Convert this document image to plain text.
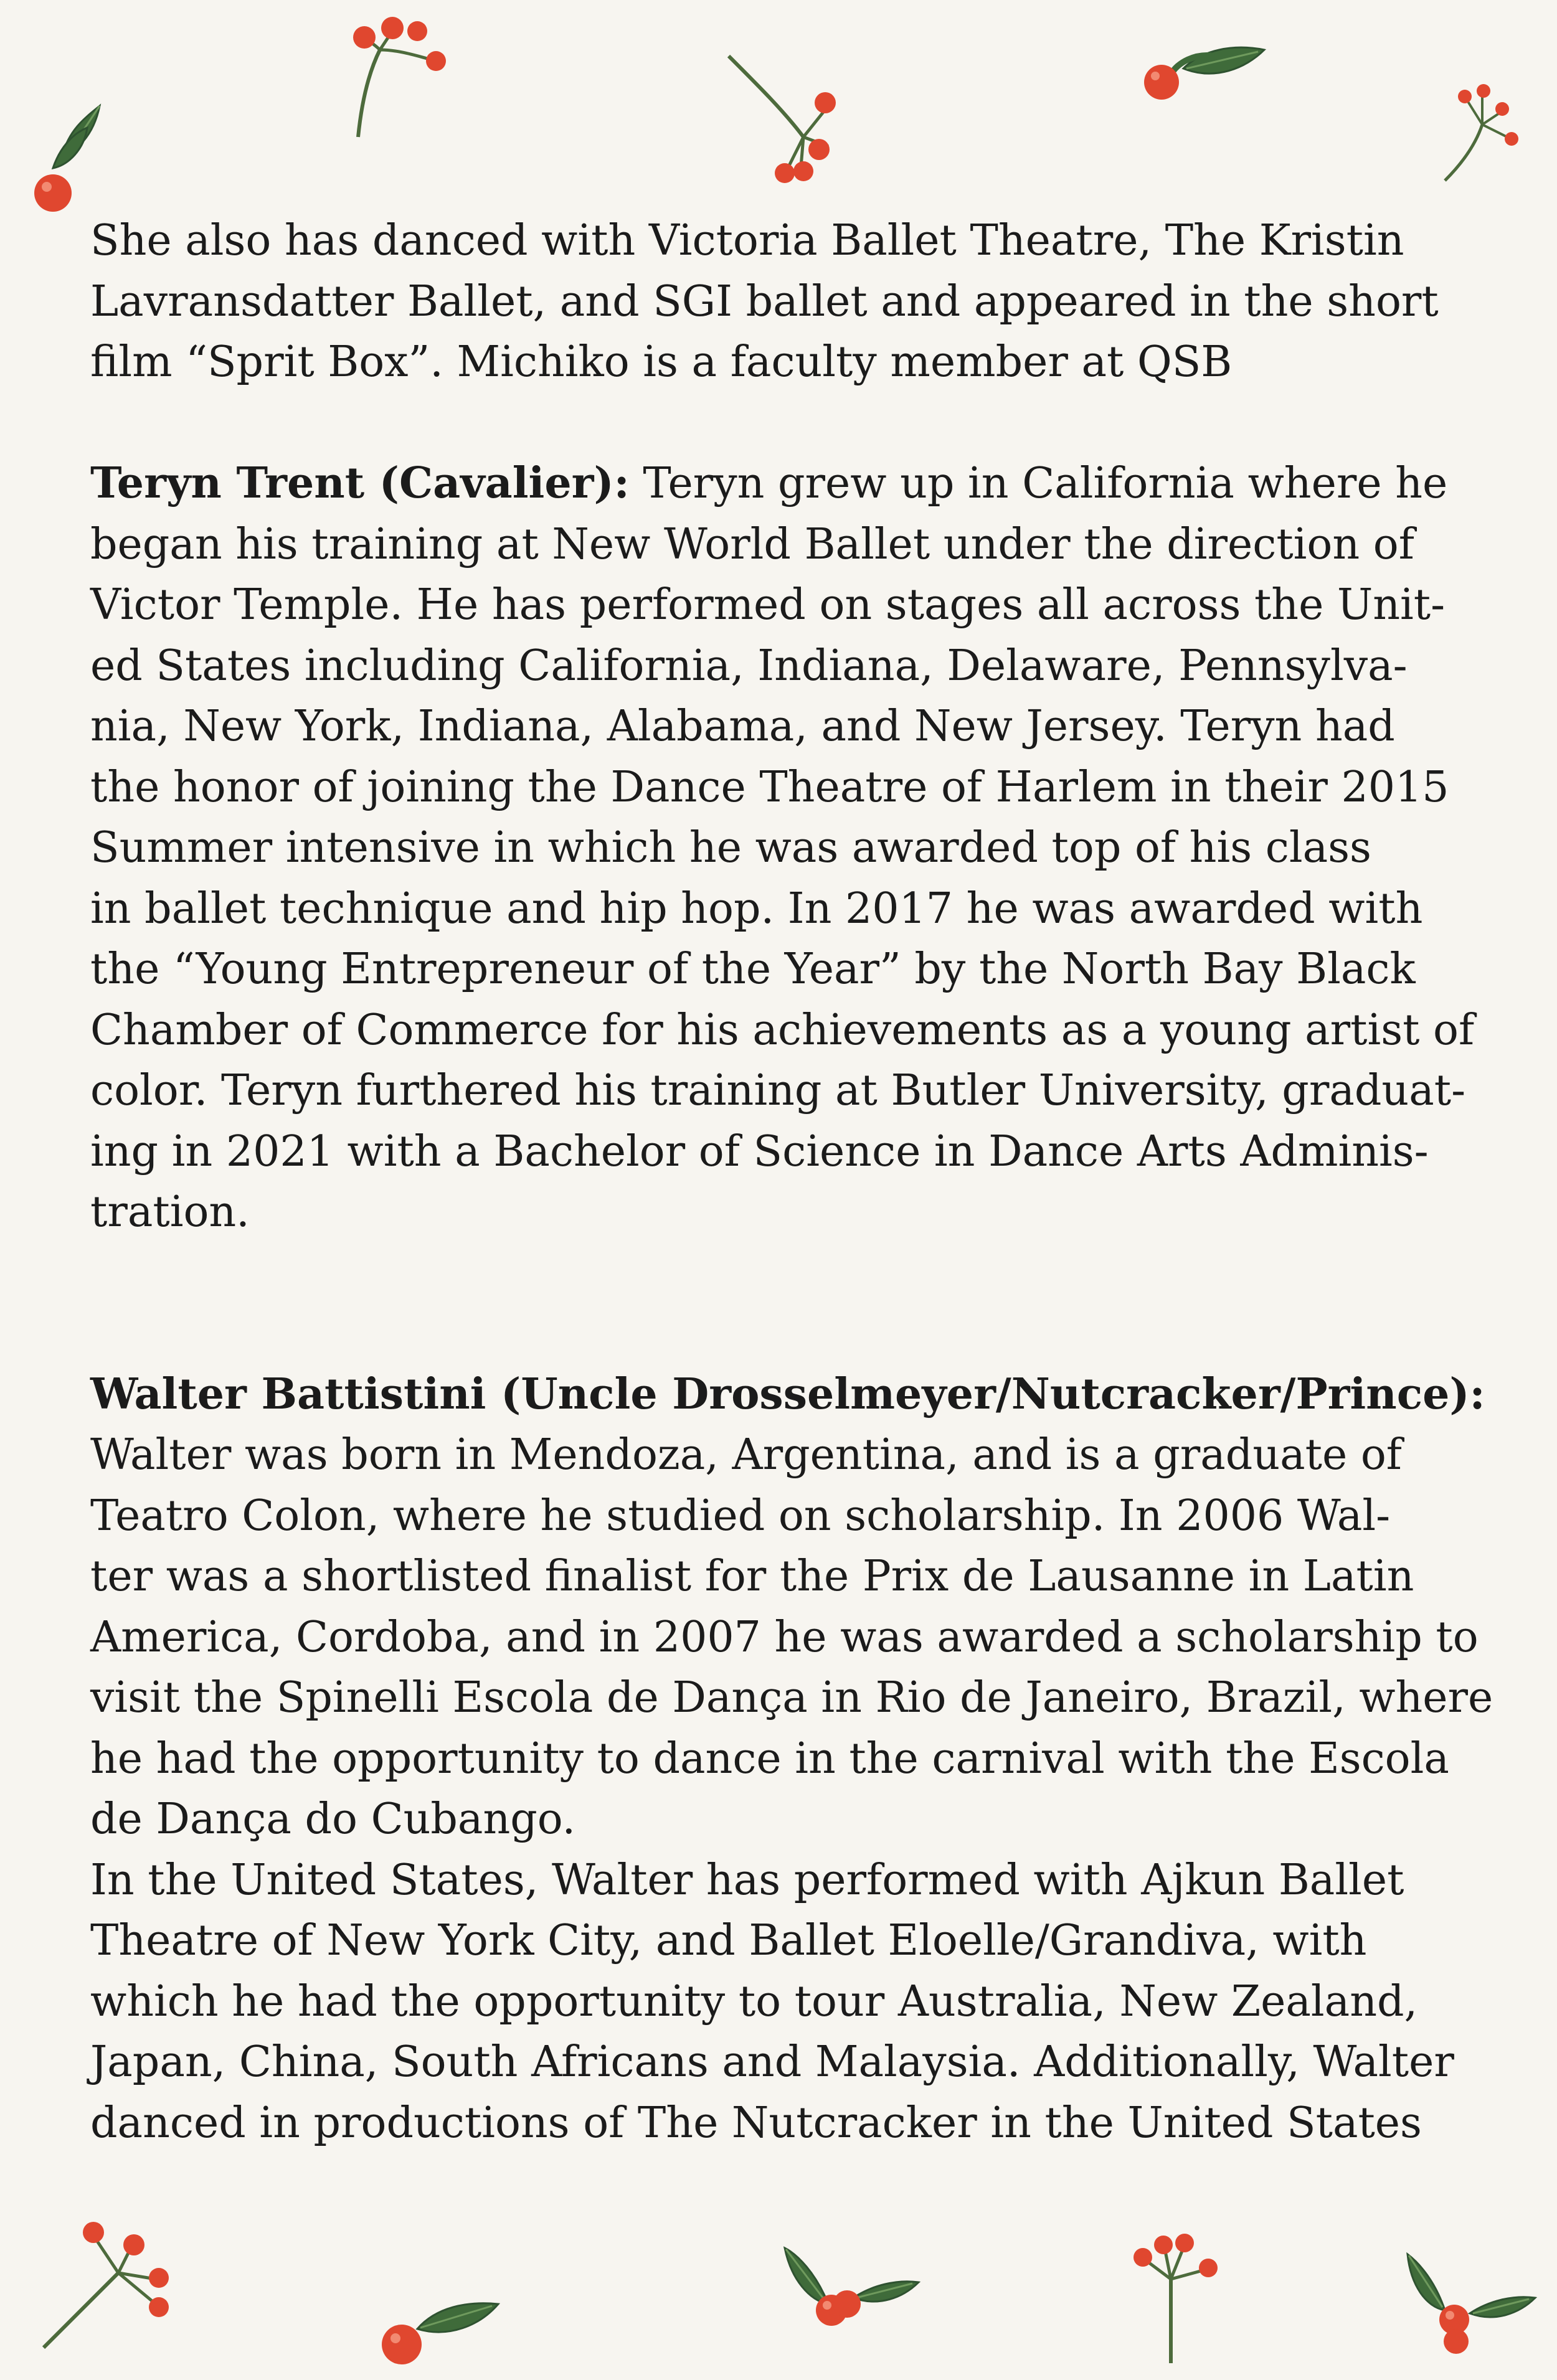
She also has danced with Victoria Ballet Theatre, The Kristin
Lavransdatter Ballet, and SGI ballet and appeared in the short
film “Sprit Box”. Michiko is a faculty member at QSB
Teryn Trent (Cavalier): Teryn grew up in California where he
began his training at New World Ballet under the direction of
Victor Temple. He has performed on stages all across the Unit-
ed States including California, Indiana, Delaware, Pennsylva-
nia, New York, Indiana, Alabama, and New Jersey. Teryn had
the honor of joining the Dance Theatre of Harlem in their 2015
Summer intensive in which he was awarded top of his class
in ballet technique and hip hop. In 2017 he was awarded with
the “Young Entrepreneur of the Year” by the North Bay Black
Chamber of Commerce for his achievements as a young artist of
color. Teryn furthered his training at Butler University, graduat-
ing in 2021 with a Bachelor of Science in Dance Arts Adminis-
tration.
Walter Battistini (Uncle Drosselmeyer/Nutcracker/Prince):
Walter was born in Mendoza, Argentina, and is a graduate of
Teatro Colon, where he studied on scholarship. In 2006 Wal-
ter was a shortlisted finalist for the Prix de Lausanne in Latin
America, Cordoba, and in 2007 he was awarded a scholarship to
visit the Spinelli Escola de Dança in Rio de Janeiro, Brazil, where
he had the opportunity to dance in the carnival with the Escola
de Dança do Cubango.
In the United States, Walter has performed with Ajkun Ballet
Theatre of New York City, and Ballet Eloelle/Grandiva, with
which he had the opportunity to tour Australia, New Zealand,
Japan, China, South Africans and Malaysia. Additionally, Walter
danced in productions of The Nutcracker in the United States
